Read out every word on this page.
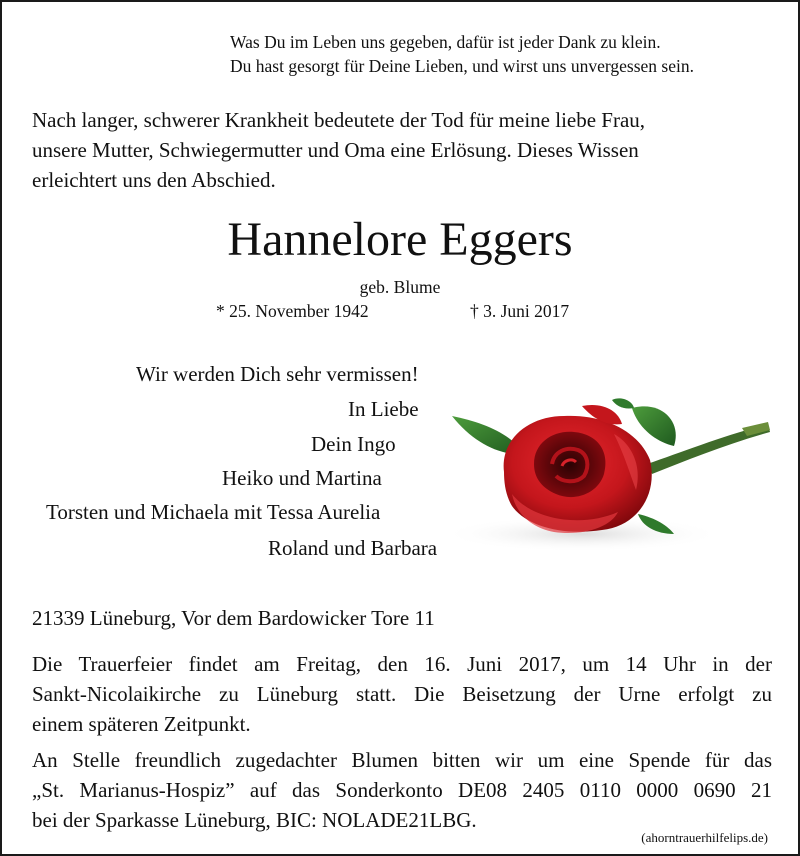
Was Du im Leben uns gegeben, dafür ist jeder Dank zu klein.
Du hast gesorgt für Deine Lieben, und wirst uns unvergessen sein.
Nach langer, schwerer Krankheit bedeutete der Tod für meine liebe Frau,
unsere Mutter, Schwiegermutter und Oma eine Erlösung. Dieses Wissen
erleichtert uns den Abschied.
Hannelore Eggers
geb. Blume
* 25. November 1942	† 3. Juni 2017
Wir werden Dich sehr vermissen!
In Liebe
Dein Ingo
Heiko und Martina
Torsten und Michaela mit Tessa Aurelia
Roland und Barbara
21339 Lüneburg, Vor dem Bardowicker Tore 11
Die Trauerfeier findet am Freitag, den 16. Juni 2017, um 14 Uhr in der
Sankt-Nicolaikirche zu Lüneburg statt. Die Beisetzung der Urne erfolgt zu
einem späteren Zeitpunkt.
An Stelle freundlich zugedachter Blumen bitten wir um eine Spende für das
„St. Marianus-Hospiz” auf das Sonderkonto DE08 2405 0110 0000 0690 21
bei der Sparkasse Lüneburg, BIC: NOLADE21LBG.
(ahorntrauerhilfelips.de)
